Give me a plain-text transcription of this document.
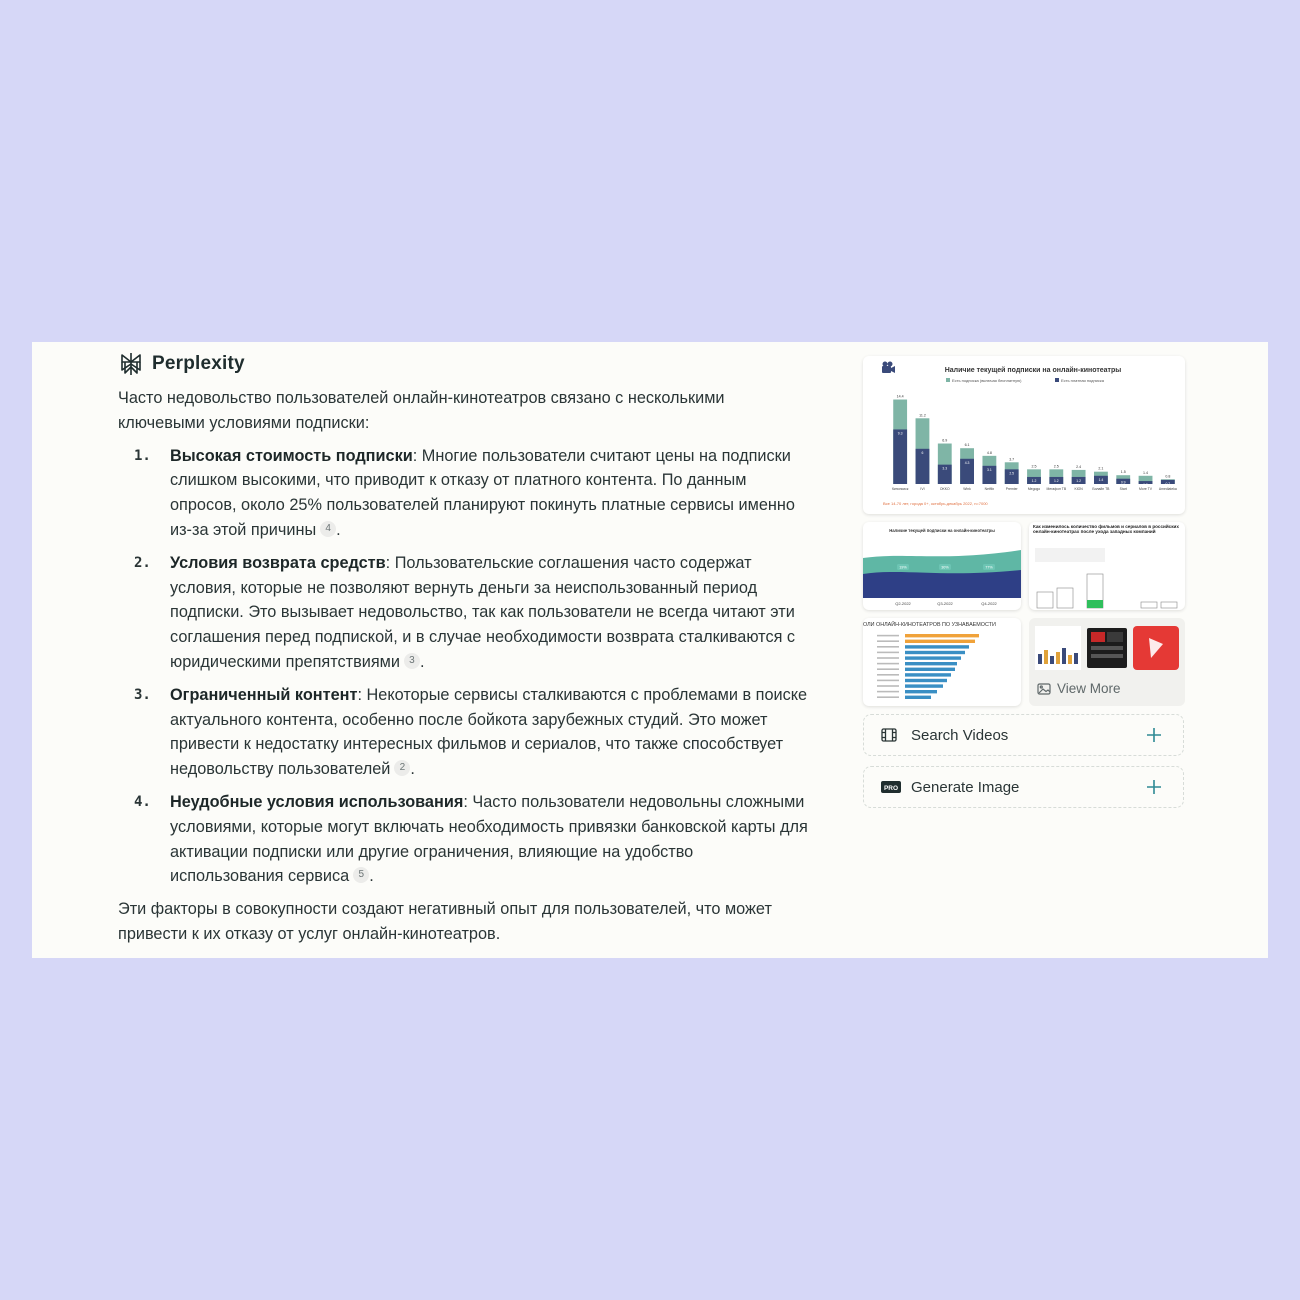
Perplexity

Часто недовольство пользователей онлайн-кинотеатров связано с несколькими ключевыми условиями подписки:

1. Высокая стоимость подписки: Многие пользователи считают цены на подписки слишком высокими, что приводит к отказу от платного контента. По данным опросов, около 25% пользователей планируют покинуть платные сервисы именно из-за этой причины 4 .
2. Условия возврата средств: Пользовательские соглашения часто содержат условия, которые не позволяют вернуть деньги за неиспользованный период подписки. Это вызывает недовольство, так как пользователи не всегда читают эти соглашения перед подпиской, и в случае необходимости возврата сталкиваются с юридическими препятствиями 3 .
3. Ограниченный контент: Некоторые сервисы сталкиваются с проблемами в поиске актуального контента, особенно после бойкота зарубежных студий. Это может привести к недостатку интересных фильмов и сериалов, что также способствует недовольству пользователей 2 .
4. Неудобные условия использования: Часто пользователи недовольны сложными условиями, которые могут включать необходимость привязки банковской карты для активации подписки или другие ограничения, влияющие на удобство использования сервиса 5 .

Эти факторы в совокупности создают негативный опыт для пользователей, что может привести к их отказу от услуг онлайн-кинотеатров.

Наличие текущей подписки на онлайн-кинотеатры
Есть подписка (включая бесплатную)	Есть платная подписка
14.4
9.3
Кинопоиск
11.2
6
IVI
6.9
3.3
OKKO
6.1
4.3
Wink
4.8
3.1
Netflix
3.7
2.5
Premier
2.5
1.2
Megogo
2.5
1.2
Мегафон ТВ
2.4
1.2
KION
2.1
1.4
Билайн ТВ
1.5
0.9
Start
1.4
0.5
More TV
0.8
0.7
Amediateka
Все 14-70 лет, города 0+, октябрь-декабрь 2022, n=7000
Наличие текущей подписки на онлайн-кинотеатры
19%	30%	77%
Q2-2022	Q3-2022	Q4-2022
Как изменилось количество фильмов и сериалов в российских онлайн-кинотеатрах после ухода западных компаний
ОЛИ ОНЛАЙН-КИНОТЕАТРОВ ПО УЗНАВАЕМОСТИ
View More
Search Videos
PRO Generate Image
